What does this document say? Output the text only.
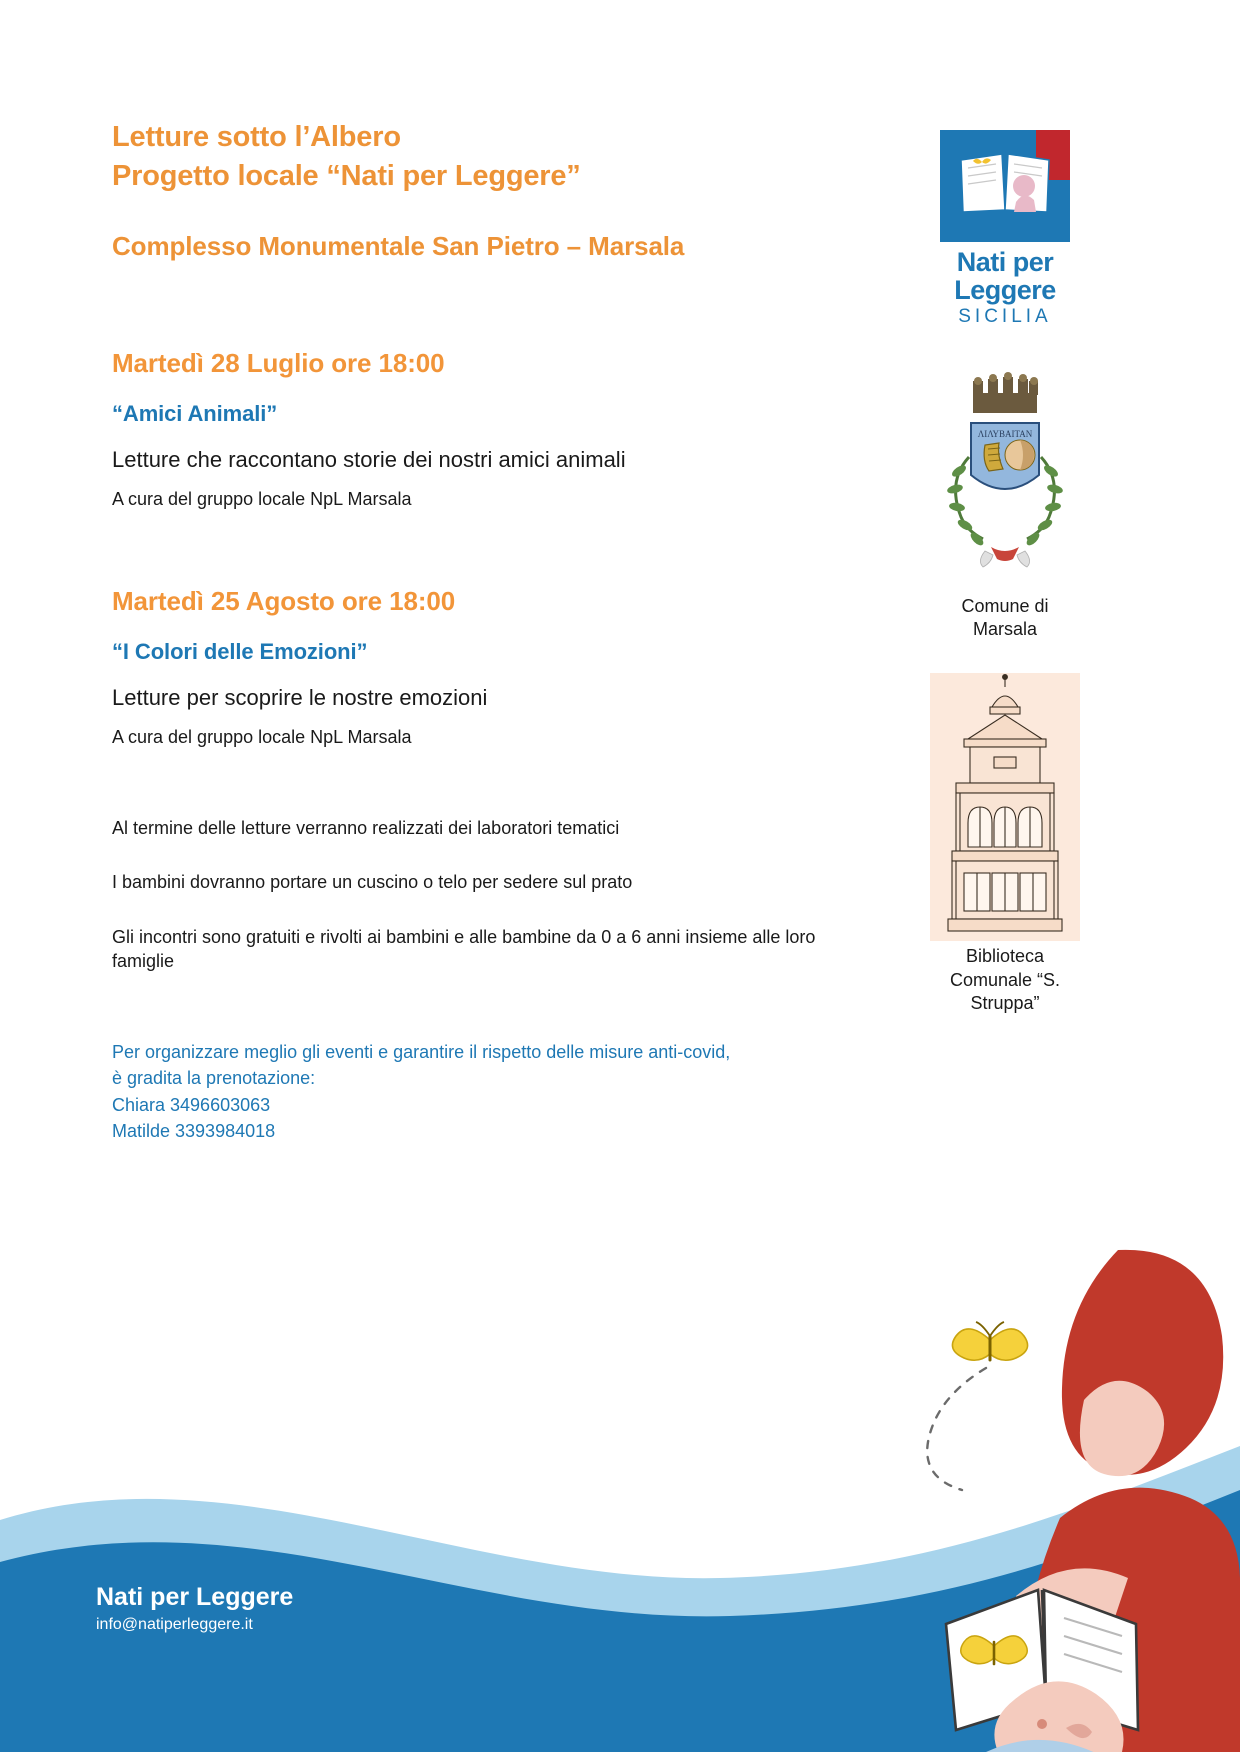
Letture sotto l’Albero
Progetto locale “Nati per Leggere”
Complesso Monumentale San Pietro – Marsala
Martedì 28 Luglio ore 18:00
“Amici Animali”
Letture che raccontano storie dei nostri amici animali
A cura del gruppo locale NpL Marsala
Martedì 25 Agosto ore 18:00
“I Colori delle Emozioni”
Letture per scoprire le nostre emozioni
A cura del gruppo locale NpL Marsala
Al termine delle letture verranno realizzati dei laboratori tematici
I bambini dovranno portare un cuscino o telo per sedere sul prato
Gli incontri sono gratuiti e rivolti ai bambini e alle bambine da 0 a 6 anni insieme alle loro famiglie
Per organizzare meglio gli eventi e garantire il rispetto delle misure anti-covid,
è gradita la prenotazione:
Chiara 3496603063
Matilde 3393984018
Nati per
Leggere
SICILIA
ΛΙΛΥΒΑΙΤΑΝ
Comune di
Marsala
Biblioteca
Comunale “S.
Struppa”
Nati per Leggere
info@natiperleggere.it
